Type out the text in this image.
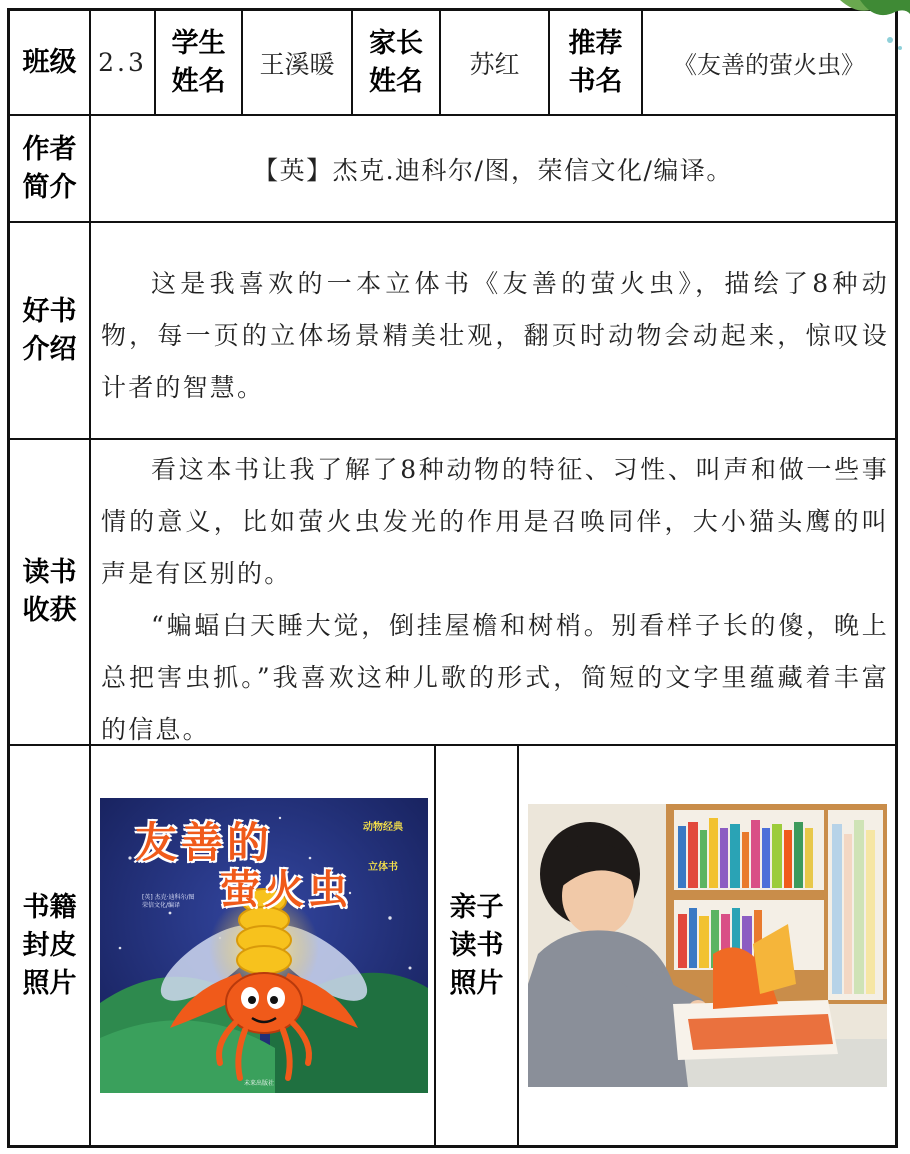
班级 2.3
学生
姓名
王溪暖
家长
姓名
苏红
推荐
书名
《友善的萤火虫》
作者
简介
【英】杰克.迪科尔/图，荣信文化/编译。
好书
介绍

这是我喜欢的一本立体书《友善的萤火虫》，描绘了8种动物，每一页的立体场景精美壮观，翻页时动物会动起来，惊叹设计者的智慧。

读书
收获

看这本书让我了解了8种动物的特征、习性、叫声和做一些事情的意义，比如萤火虫发光的作用是召唤同伴，大小猫头鹰的叫声是有区别的。

“蝙蝠白天睡大觉，倒挂屋檐和树梢。别看样子长的傻，晚上总把害虫抓。”我喜欢这种儿歌的形式，简短的文字里蕴藏着丰富的信息。

书籍
封皮
照片
亲子
读书
照片
友善的
萤火虫
动物经典
立体书
[英] 杰克·迪科尔/图
荣信文化/编译
未来出版社
